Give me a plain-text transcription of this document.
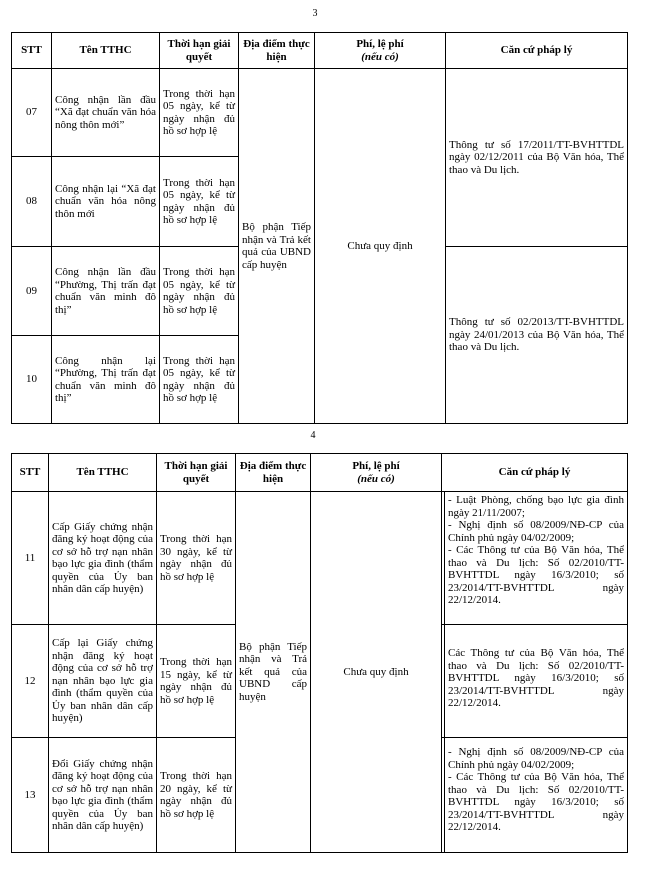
3
STT	Tên TTHC	Thời hạn giải quyết	Địa điểm thực hiện	Phí, lệ phí
(nếu có)	Căn cứ pháp lý
07	Công nhận lần đầu “Xã đạt chuẩn văn hóa nông thôn mới”	Trong thời hạn 05 ngày, kể từ ngày nhận đủ hồ sơ hợp lệ	Bộ phận Tiếp nhận và Trả kết quả của UBND cấp huyện	Chưa quy định	Thông tư số 17/2011/TT-BVHTTDL ngày 02/12/2011 của Bộ Văn hóa, Thể thao và Du lịch.
08	Công nhận lại “Xã đạt chuẩn văn hóa nông thôn mới	Trong thời hạn 05 ngày, kể từ ngày nhận đủ hồ sơ hợp lệ			
09	Công nhận lần đầu “Phường, Thị trấn đạt chuẩn văn minh đô thị”	Trong thời hạn 05 ngày, kể từ ngày nhận đủ hồ sơ hợp lệ			Thông tư số 02/2013/TT-BVHTTDL ngày 24/01/2013 của Bộ Văn hóa, Thể thao và Du lịch.
10	Công nhận lại “Phường, Thị trấn đạt chuẩn văn minh đô thị”	Trong thời hạn 05 ngày, kể từ ngày nhận đủ hồ sơ hợp lệ			
4
STT	Tên TTHC	Thời hạn giải quyết	Địa điểm thực hiện	Phí, lệ phí
(nếu có)	Căn cứ pháp lý
11	Cấp Giấy chứng nhận đăng ký hoạt động của cơ sở hỗ trợ nạn nhân bạo lực gia đình (thẩm quyền của Ủy ban nhân dân cấp huyện)	Trong thời hạn 30 ngày, kể từ ngày nhận đủ hồ sơ hợp lệ	Bộ phận Tiếp nhận và Trả kết quả của UBND cấp huyện	Chưa quy định	- Luật Phòng, chống bạo lực gia đình ngày 21/11/2007;
- Nghị định số 08/2009/NĐ-CP của Chính phủ ngày 04/02/2009;
- Các Thông tư của Bộ Văn hóa, Thể thao và Du lịch: Số 02/2010/TT-BVHTTDL ngày 16/3/2010; số 23/2014/TT-BVHTTDL ngày 22/12/2014.

12	Cấp lại Giấy chứng nhận đăng ký hoạt động của cơ sở hỗ trợ nạn nhân bạo lực gia đình (thẩm quyền của Ủy ban nhân dân cấp huyện)	Trong thời hạn 15 ngày, kể từ ngày nhận đủ hồ sơ hợp lệ			Các Thông tư của Bộ Văn hóa, Thể thao và Du lịch: Số 02/2010/TT-BVHTTDL ngày 16/3/2010; số 23/2014/TT-BVHTTDL ngày 22/12/2014.

13	Đổi Giấy chứng nhận đăng ký hoạt động của cơ sở hỗ trợ nạn nhân bạo lực gia đình (thẩm quyền của Ủy ban nhân dân cấp huyện)	Trong thời hạn 20 ngày, kể từ ngày nhận đủ hồ sơ hợp lệ			- Nghị định số 08/2009/NĐ-CP của Chính phủ ngày 04/02/2009;
- Các Thông tư của Bộ Văn hóa, Thể thao và Du lịch: Số 02/2010/TT-BVHTTDL ngày 16/3/2010; số 23/2014/TT-BVHTTDL ngày 22/12/2014.
